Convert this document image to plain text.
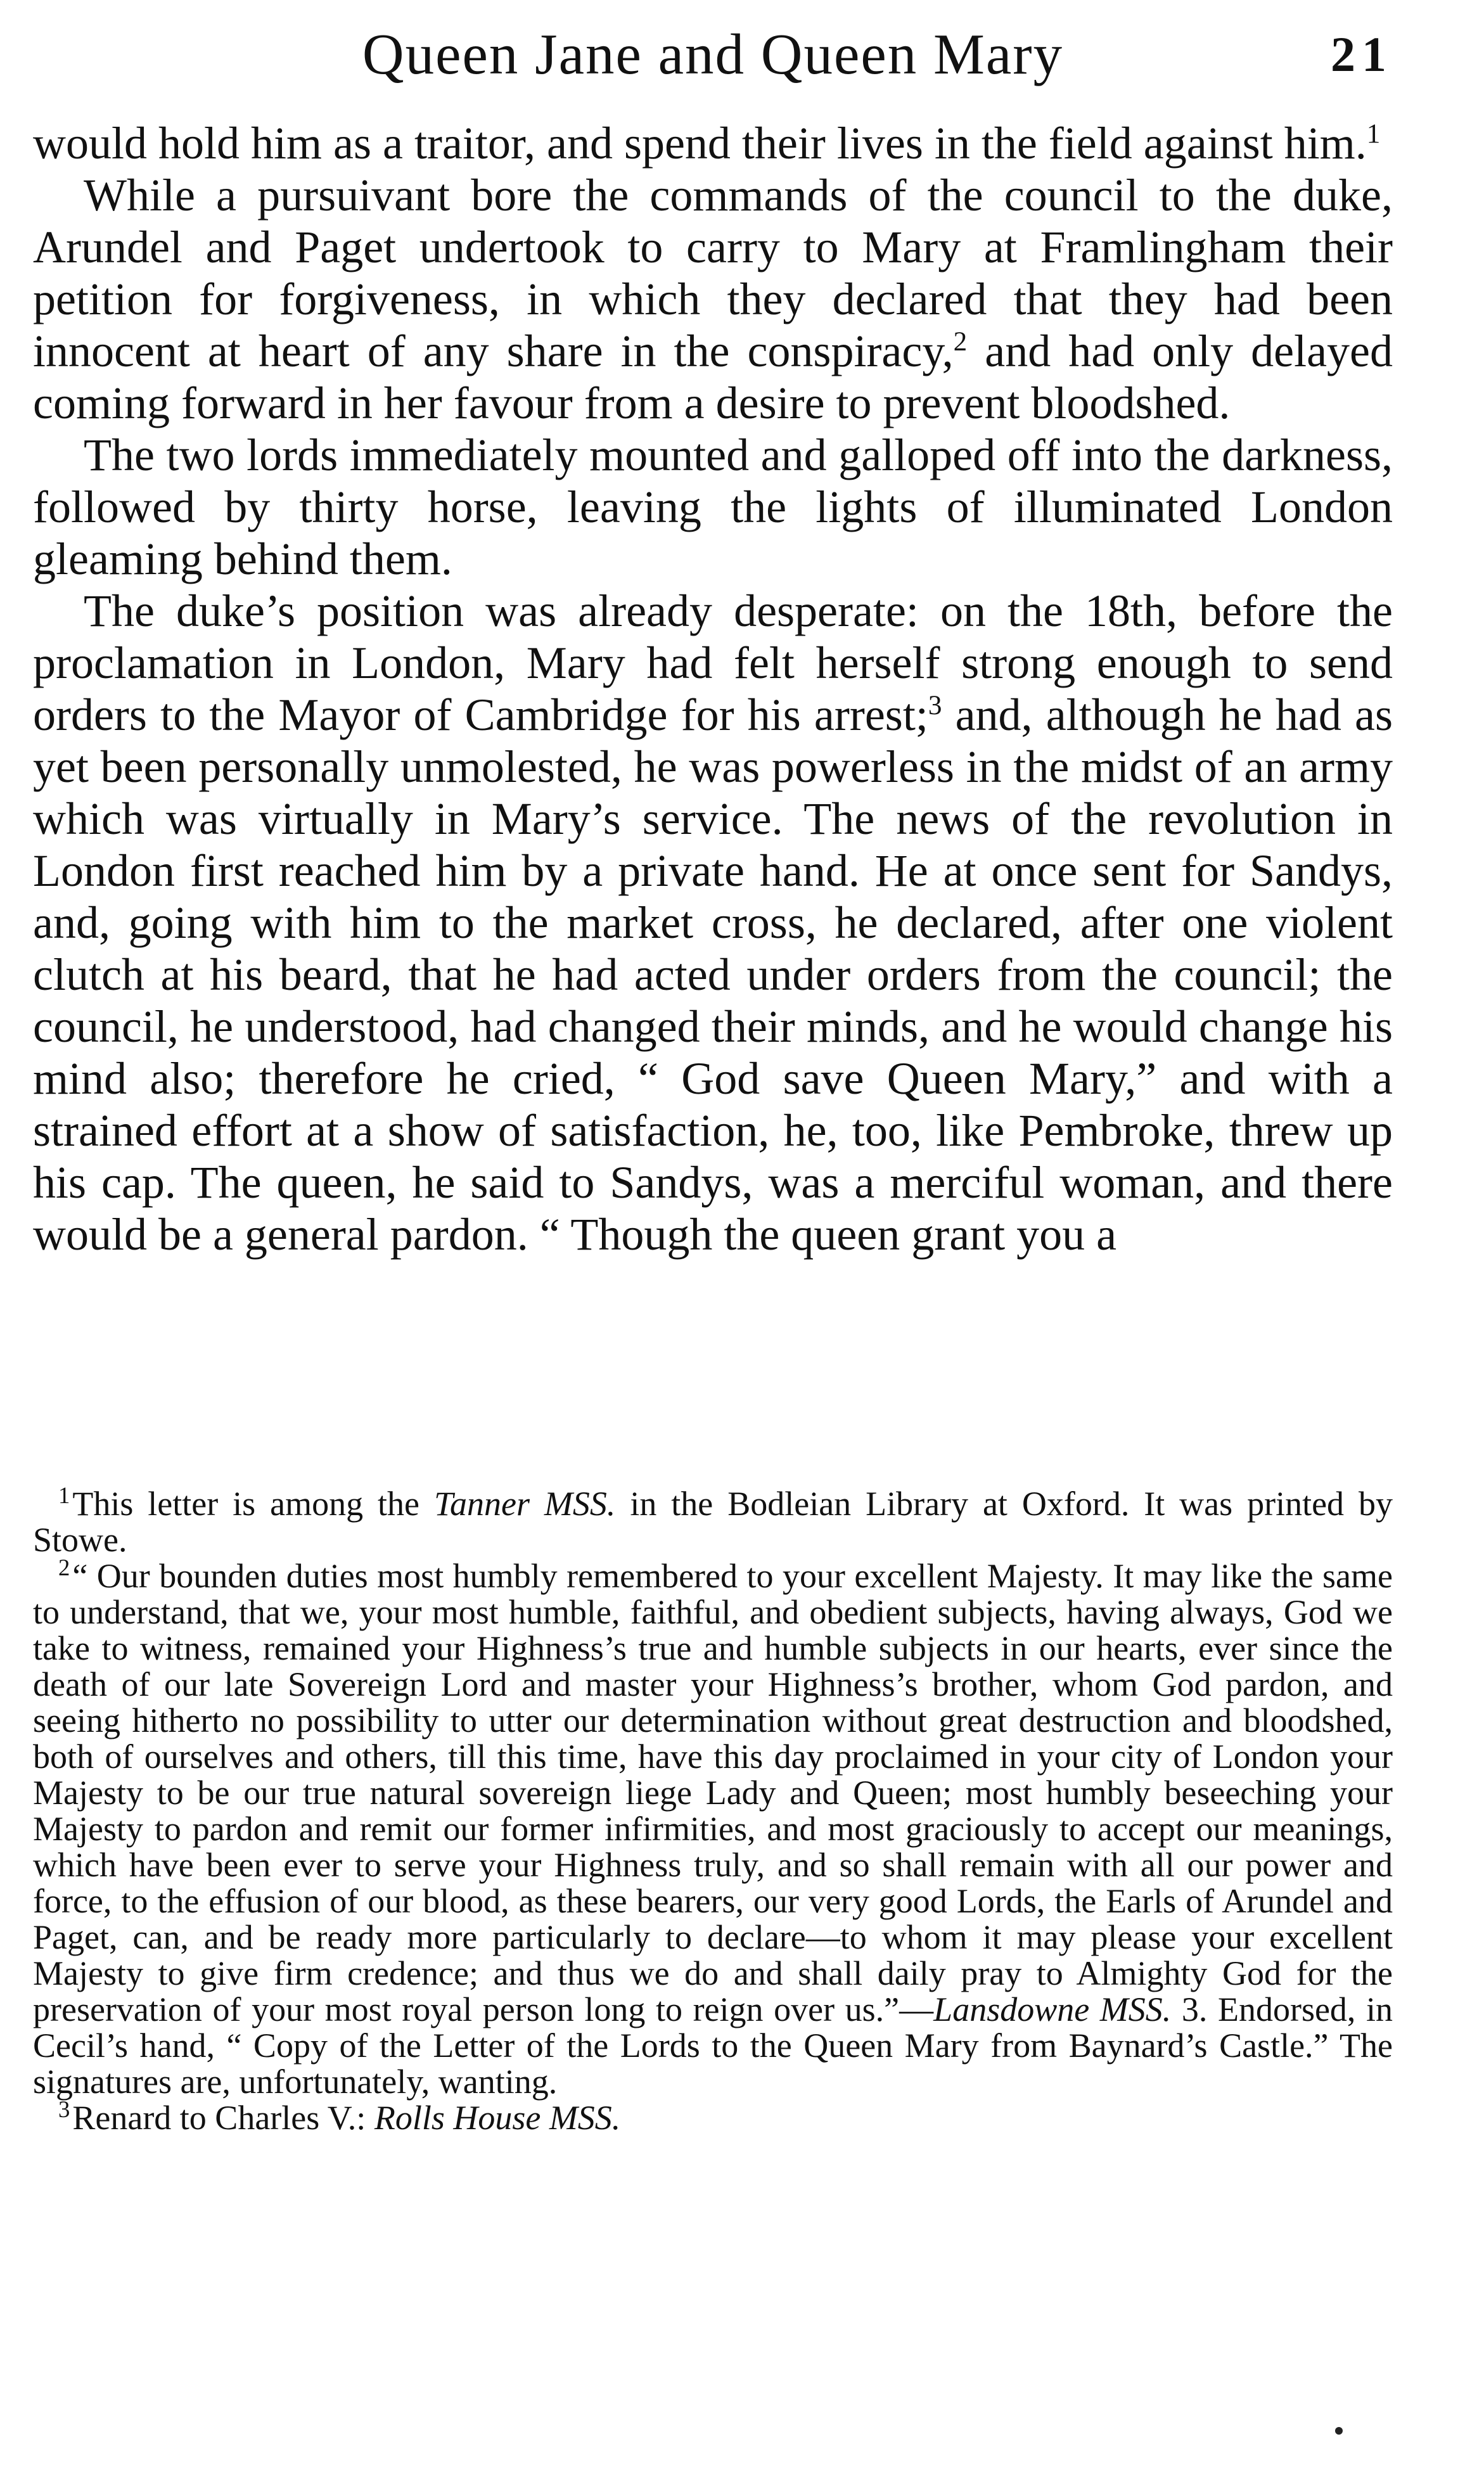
Queen Jane and Queen Mary	21

would hold him as a traitor, and spend their lives in the field against him.$^1$

While a pursuivant bore the commands of the council to the duke, Arundel and Paget undertook to carry to Mary at Framlingham their petition for forgiveness, in which they declared that they had been innocent at heart of any share in the conspiracy,$^2$ and had only delayed coming forward in her favour from a desire to prevent bloodshed.

The two lords immediately mounted and galloped off into the darkness, followed by thirty horse, leaving the lights of illuminated London gleaming behind them.

The duke’s position was already desperate: on the 18th, before the proclamation in London, Mary had felt herself strong enough to send orders to the Mayor of Cambridge for his arrest;$^3$ and, although he had as yet been personally unmolested, he was powerless in the midst of an army which was virtually in Mary’s service. The news of the revolution in London first reached him by a private hand. He at once sent for Sandys, and, going with him to the market cross, he declared, after one violent clutch at his beard, that he had acted under orders from the council; the council, he understood, had changed their minds, and he would change his mind also; therefore he cried, “ God save Queen Mary,” and with a strained effort at a show of satisfaction, he, too, like Pembroke, threw up his cap. The queen, he said to Sandys, was a merciful woman, and there would be a general pardon. “ Though the queen grant you a

$^1$This letter is among the Tanner MSS. in the Bodleian Library at Oxford. It was printed by Stowe.

$^2$“ Our bounden duties most humbly remembered to your excellent Majesty. It may like the same to understand, that we, your most humble, faithful, and obedient subjects, having always, God we take to witness, remained your Highness’s true and humble subjects in our hearts, ever since the death of our late Sovereign Lord and master your Highness’s brother, whom God pardon, and seeing hitherto no possibility to utter our determination without great destruction and bloodshed, both of ourselves and others, till this time, have this day proclaimed in your city of London your Majesty to be our true natural sovereign liege Lady and Queen; most humbly beseeching your Majesty to pardon and remit our former infirmities, and most graciously to accept our meanings, which have been ever to serve your Highness truly, and so shall remain with all our power and force, to the effusion of our blood, as these bearers, our very good Lords, the Earls of Arundel and Paget, can, and be ready more particularly to declare—to whom it may please your excellent Majesty to give firm credence; and thus we do and shall daily pray to Almighty God for the preservation of your most royal person long to reign over us.”—Lansdowne MSS. 3. Endorsed, in Cecil’s hand, “ Copy of the Letter of the Lords to the Queen Mary from Baynard’s Castle.” The signatures are, unfortunately, wanting.

$^3$Renard to Charles V.: Rolls House MSS.
